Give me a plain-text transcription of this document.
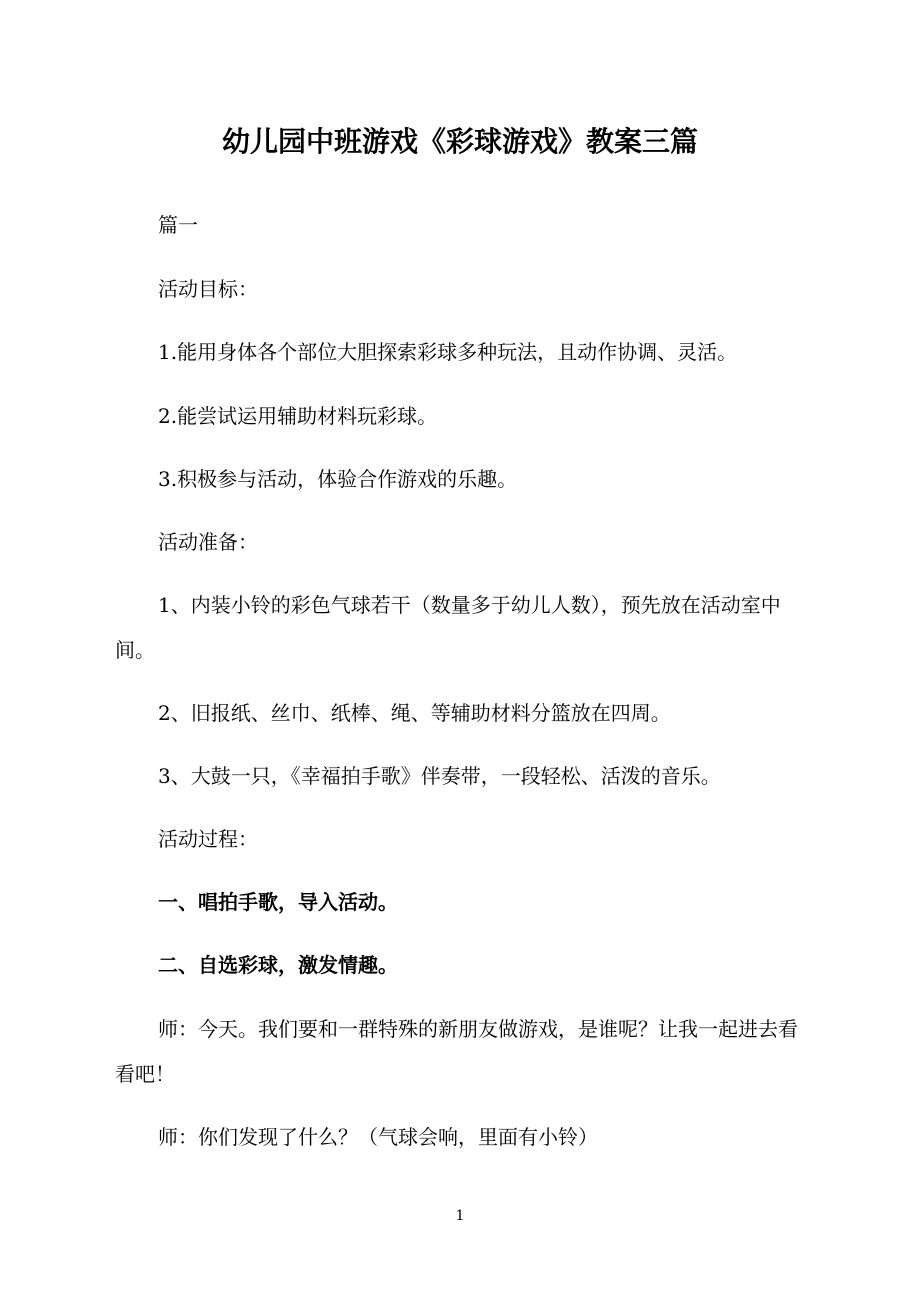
幼儿园中班游戏《彩球游戏》教案三篇

篇一

活动目标：

1.能用身体各个部位大胆探索彩球多种玩法，且动作协调、灵活。

2.能尝试运用辅助材料玩彩球。

3.积极参与活动，体验合作游戏的乐趣。

活动准备：

1、内装小铃的彩色气球若干（数量多于幼儿人数），预先放在活动室中间。

2、旧报纸、丝巾、纸棒、绳、等辅助材料分篮放在四周。

3、大鼓一只，《幸福拍手歌》伴奏带，一段轻松、活泼的音乐。

活动过程：

一、唱拍手歌，导入活动。

二、自选彩球，激发情趣。

师：今天。我们要和一群特殊的新朋友做游戏，是谁呢？让我一起进去看看吧！

师：你们发现了什么？（气球会响，里面有小铃）

1
